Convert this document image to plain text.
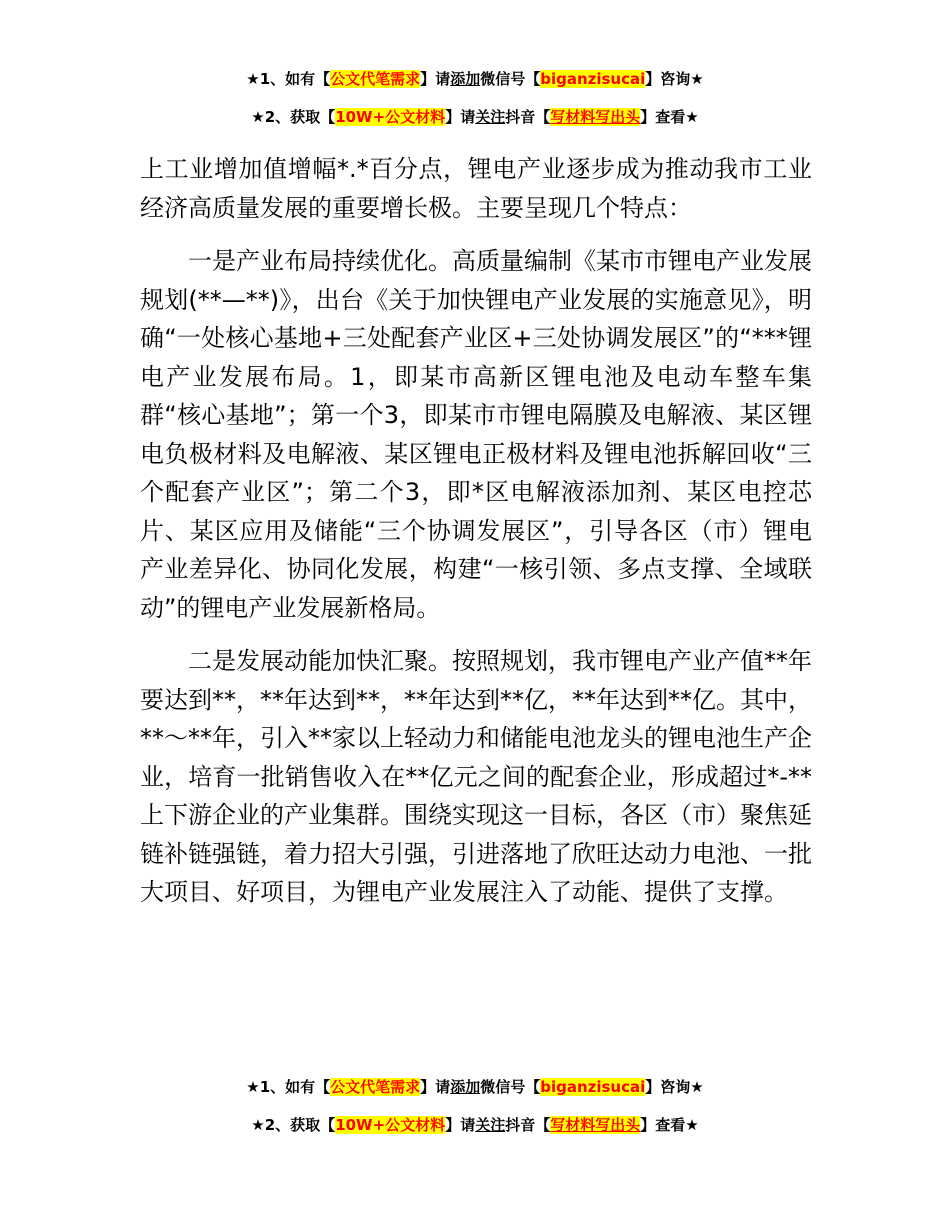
★1、如有【公文代笔需求】请添加微信号【biganzisucai】咨询★
★2、获取【10W+公文材料】请关注抖音【写材料写出头】查看★

上工业增加值增幅*.*百分点，锂电产业逐步成为推动我市工业经济高质量发展的重要增长极。主要呈现几个特点：

一是产业布局持续优化。高质量编制《某市市锂电产业发展规划(**—**)》，出台《关于加快锂电产业发展的实施意见》，明确“一处核心基地+三处配套产业区+三处协调发展区”的“***锂电产业发展布局。1，即某市高新区锂电池及电动车整车集群“核心基地”；第一个3，即某市市锂电隔膜及电解液、某区锂电负极材料及电解液、某区锂电正极材料及锂电池拆解回收“三个配套产业区”；第二个3，即*区电解液添加剂、某区电控芯片、某区应用及储能“三个协调发展区”，引导各区（市）锂电产业差异化、协同化发展，构建“一核引领、多点支撑、全域联动”的锂电产业发展新格局。

二是发展动能加快汇聚。按照规划，我市锂电产业产值**年要达到**，**年达到**，**年达到**亿，**年达到**亿。其中，**～**年，引入**家以上轻动力和储能电池龙头的锂电池生产企业，培育一批销售收入在**亿元之间的配套企业，形成超过*-**上下游企业的产业集群。围绕实现这一目标，各区（市）聚焦延链补链强链，着力招大引强，引进落地了欣旺达动力电池、一批大项目、好项目，为锂电产业发展注入了动能、提供了支撑。

★1、如有【公文代笔需求】请添加微信号【biganzisucai】咨询★
★2、获取【10W+公文材料】请关注抖音【写材料写出头】查看★
